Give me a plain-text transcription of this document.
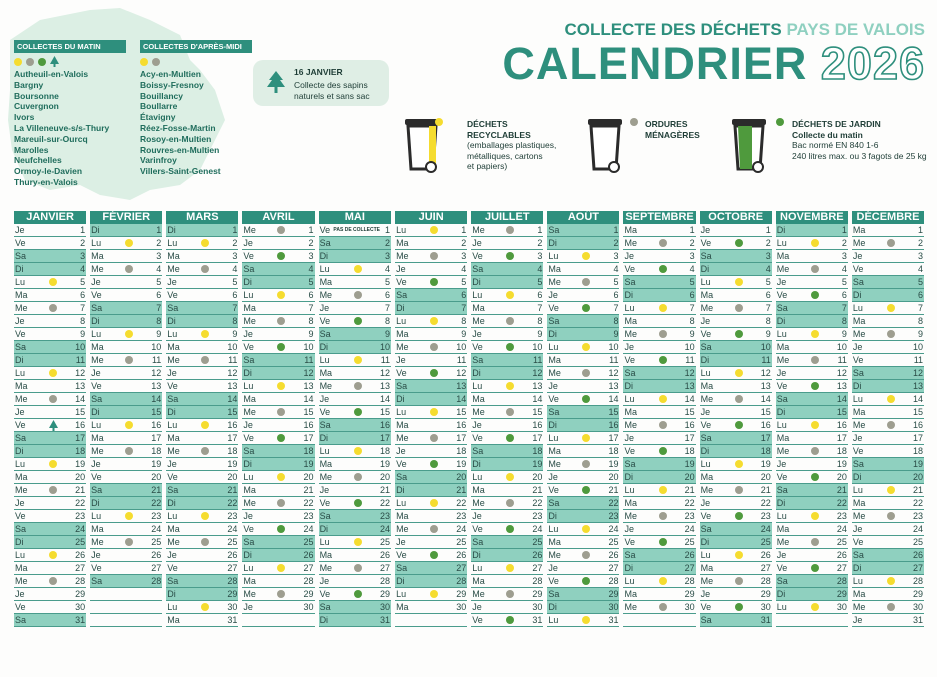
COLLECTES DU MATIN
Autheuil-en-Valois
Bargny
Boursonne
Cuvergnon
Ivors
La Villeneuve-s/s-Thury
Mareuil-sur-Ourcq
Marolles
Neufchelles
Ormoy-le-Davien
Thury-en-Valois
COLLECTES D'APRÈS-MIDI
Acy-en-Multien
Boissy-Fresnoy
Bouillancy
Boullarre
Étavigny
Réez-Fosse-Martin
Rosoy-en-Multien
Rouvres-en-Multien
Varinfroy
Villers-Saint-Genest
16 JANVIER
Collecte des sapins naturels et sans sac
COLLECTE DES DÉCHETS PAYS DE VALOIS
CALENDRIER 2026
DÉCHETS
RECYCLABLES
(emballages plastiques,
métalliques, cartons
et papiers)
ORDURES
MÉNAGÈRES
DÉCHETS DE JARDIN
Collecte du matin
Bac normé EN 840 1-6
240 litres max. ou 3 fagots de 25 kg
JANVIER
Je	1
Ve	2
Sa	3
Di	4
Lu	5
Ma	6
Me	7
Je	8
Ve	9
Sa	10
Di	11
Lu	12
Ma	13
Me	14
Je	15
Ve	16
Sa	17
Di	18
Lu	19
Ma	20
Me	21
Je	22
Ve	23
Sa	24
Di	25
Lu	26
Ma	27
Me	28
Je	29
Ve	30
Sa	31
FÉVRIER
Di	1
Lu	2
Ma	3
Me	4
Je	5
Ve	6
Sa	7
Di	8
Lu	9
Ma	10
Me	11
Je	12
Ve	13
Sa	14
Di	15
Lu	16
Ma	17
Me	18
Je	19
Ve	20
Sa	21
Di	22
Lu	23
Ma	24
Me	25
Je	26
Ve	27
Sa	28
MARS
Di	1
Lu	2
Ma	3
Me	4
Je	5
Ve	6
Sa	7
Di	8
Lu	9
Ma	10
Me	11
Je	12
Ve	13
Sa	14
Di	15
Lu	16
Ma	17
Me	18
Je	19
Ve	20
Sa	21
Di	22
Lu	23
Ma	24
Me	25
Je	26
Ve	27
Sa	28
Di	29
Lu	30
Ma	31
AVRIL
Me	1
Je	2
Ve	3
Sa	4
Di	5
Lu	6
Ma	7
Me	8
Je	9
Ve	10
Sa	11
Di	12
Lu	13
Ma	14
Me	15
Je	16
Ve	17
Sa	18
Di	19
Lu	20
Ma	21
Me	22
Je	23
Ve	24
Sa	25
Di	26
Lu	27
Ma	28
Me	29
Je	30
MAI
Ve PAS DE COLLECTE 1
Sa	2
Di	3
Lu	4
Ma	5
Me	6
Je	7
Ve	8
Sa	9
Di	10
Lu	11
Ma	12
Me	13
Je	14
Ve	15
Sa	16
Di	17
Lu	18
Ma	19
Me	20
Je	21
Ve	22
Sa	23
Di	24
Lu	25
Ma	26
Me	27
Je	28
Ve	29
Sa	30
Di	31
JUIN
Lu	1
Ma	2
Me	3
Je	4
Ve	5
Sa	6
Di	7
Lu	8
Ma	9
Me	10
Je	11
Ve	12
Sa	13
Di	14
Lu	15
Ma	16
Me	17
Je	18
Ve	19
Sa	20
Di	21
Lu	22
Ma	23
Me	24
Je	25
Ve	26
Sa	27
Di	28
Lu	29
Ma	30
JUILLET
Me	1
Je	2
Ve	3
Sa	4
Di	5
Lu	6
Ma	7
Me	8
Je	9
Ve	10
Sa	11
Di	12
Lu	13
Ma	14
Me	15
Je	16
Ve	17
Sa	18
Di	19
Lu	20
Ma	21
Me	22
Je	23
Ve	24
Sa	25
Di	26
Lu	27
Ma	28
Me	29
Je	30
Ve	31
AOÛT
Sa	1
Di	2
Lu	3
Ma	4
Me	5
Je	6
Ve	7
Sa	8
Di	9
Lu	10
Ma	11
Me	12
Je	13
Ve	14
Sa	15
Di	16
Lu	17
Ma	18
Me	19
Je	20
Ve	21
Sa	22
Di	23
Lu	24
Ma	25
Me	26
Je	27
Ve	28
Sa	29
Di	30
Lu	31
SEPTEMBRE
Ma	1
Me	2
Je	3
Ve	4
Sa	5
Di	6
Lu	7
Ma	8
Me	9
Je	10
Ve	11
Sa	12
Di	13
Lu	14
Ma	15
Me	16
Je	17
Ve	18
Sa	19
Di	20
Lu	21
Ma	22
Me	23
Je	24
Ve	25
Sa	26
Di	27
Lu	28
Ma	29
Me	30
OCTOBRE
Je	1
Ve	2
Sa	3
Di	4
Lu	5
Ma	6
Me	7
Je	8
Ve	9
Sa	10
Di	11
Lu	12
Ma	13
Me	14
Je	15
Ve	16
Sa	17
Di	18
Lu	19
Ma	20
Me	21
Je	22
Ve	23
Sa	24
Di	25
Lu	26
Ma	27
Me	28
Je	29
Ve	30
Sa	31
NOVEMBRE
Di	1
Lu	2
Ma	3
Me	4
Je	5
Ve	6
Sa	7
Di	8
Lu	9
Ma	10
Me	11
Je	12
Ve	13
Sa	14
Di	15
Lu	16
Ma	17
Me	18
Je	19
Ve	20
Sa	21
Di	22
Lu	23
Ma	24
Me	25
Je	26
Ve	27
Sa	28
Di	29
Lu	30
DÉCEMBRE
Ma	1
Me	2
Je	3
Ve	4
Sa	5
Di	6
Lu	7
Ma	8
Me	9
Je	10
Ve	11
Sa	12
Di	13
Lu	14
Ma	15
Me	16
Je	17
Ve	18
Sa	19
Di	20
Lu	21
Ma	22
Me	23
Je	24
Ve	25
Sa	26
Di	27
Lu	28
Ma	29
Me	30
Je	31
